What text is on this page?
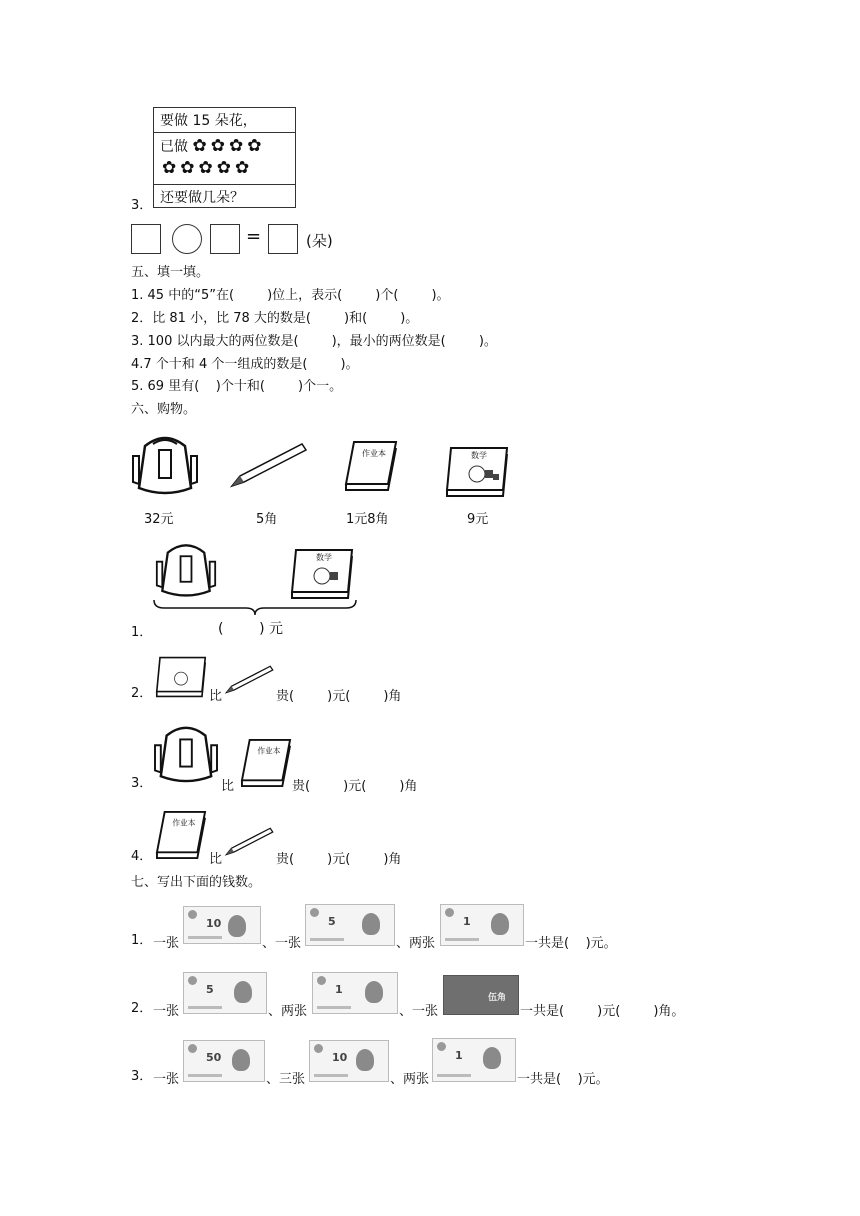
3．
要做 15 朵花，
已做 ✿ ✿ ✿ ✿
✿ ✿ ✿ ✿ ✿
还要做几朵？
=	(朵)
五、填一填。
1. 45 中的“5”在(        )位上，表示(        )个(        )。
2．比 81 小，比 78 大的数是(        )和(        )。
3. 100 以内最大的两位数是(        )，最小的两位数是(        )。
4.7 个十和 4 个一组成的数是(        )。
5. 69 里有(    )个十和(        )个一。
六、购物。
作业本	数学
32元	5角	1元8角	9元
数学
1．	(        ) 元
2．	比	贵(        )元(        )角
3．	比
作业本
贵(        )元(        )角
4．
作业本
比	贵(        )元(        )角
七、写出下面的钱数。
1． 一张
10
、一张
5
、两张
1
一共是(    )元。
2． 一张
5
、两张
1
、一张
伍角
一共是(        )元(        )角。
3． 一张
50
、三张
10
、两张
1
一共是(    )元。
